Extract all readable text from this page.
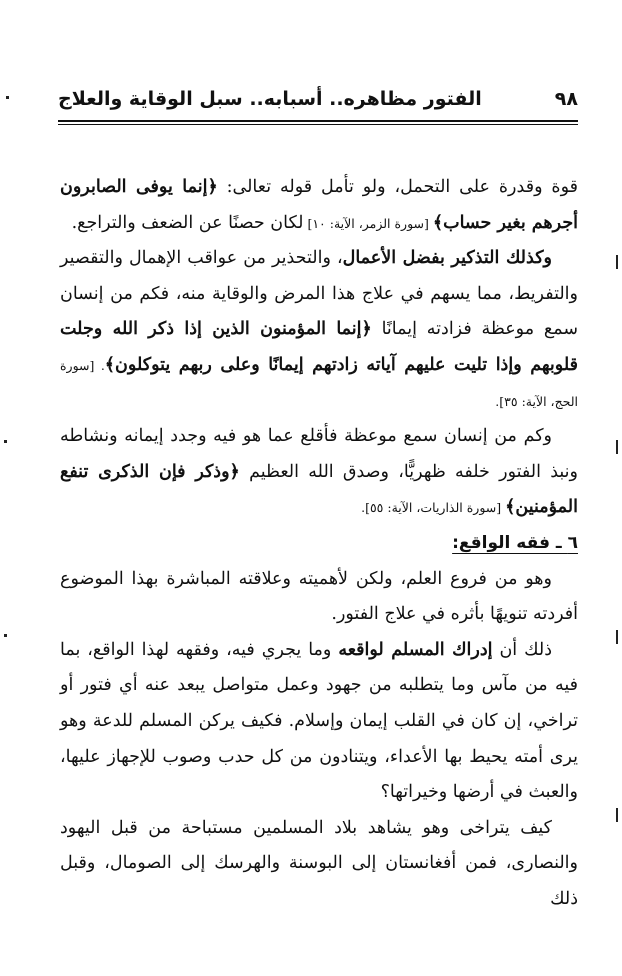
٩٨
الفتور مظاهره.. أسبابه.. سبل الوقاية والعلاج

قوة وقدرة على التحمل، ولو تأمل قوله تعالى: ﴿إنما يوفى الصابرون أجرهم بغير حساب﴾ [سورة الزمر، الآية: ١٠] لكان حصنًا عن الضعف والتراجع.

وكذلك التذكير بفضل الأعمال، والتحذير من عواقب الإهمال والتقصير والتفريط، مما يسهم في علاج هذا المرض والوقاية منه، فكم من إنسان سمع موعظة فزادته إيمانًا ﴿إنما المؤمنون الذين إذا ذكر الله وجلت قلوبهم وإذا تليت عليهم آياته زادتهم إيمانًا وعلى ربهم يتوكلون﴾. [سورة الحج، الآية: ٣٥].

وكم من إنسان سمع موعظة فأقلع عما هو فيه وجدد إيمانه ونشاطه ونبذ الفتور خلفه ظهريًّا، وصدق الله العظيم ﴿وذكر فإن الذكرى تنفع المؤمنين﴾ [سورة الذاريات، الآية: ٥٥].

٦ ـ فقه الواقع:

وهو من فروع العلم، ولكن لأهميته وعلاقته المباشرة بهذا الموضوع أفردته تنويهًا بأثره في علاج الفتور.

ذلك أن إدراك المسلم لواقعه وما يجري فيه، وفقهه لهذا الواقع، بما فيه من مآس وما يتطلبه من جهود وعمل متواصل يبعد عنه أي فتور أو تراخي، إن كان في القلب إيمان وإسلام. فكيف يركن المسلم للدعة وهو يرى أمته يحيط بها الأعداء، ويتنادون من كل حدب وصوب للإجهاز عليها، والعبث في أرضها وخيراتها؟

كيف يتراخى وهو يشاهد بلاد المسلمين مستباحة من قبل اليهود والنصارى، فمن أفغانستان إلى البوسنة والهرسك إلى الصومال، وقبل ذلك
